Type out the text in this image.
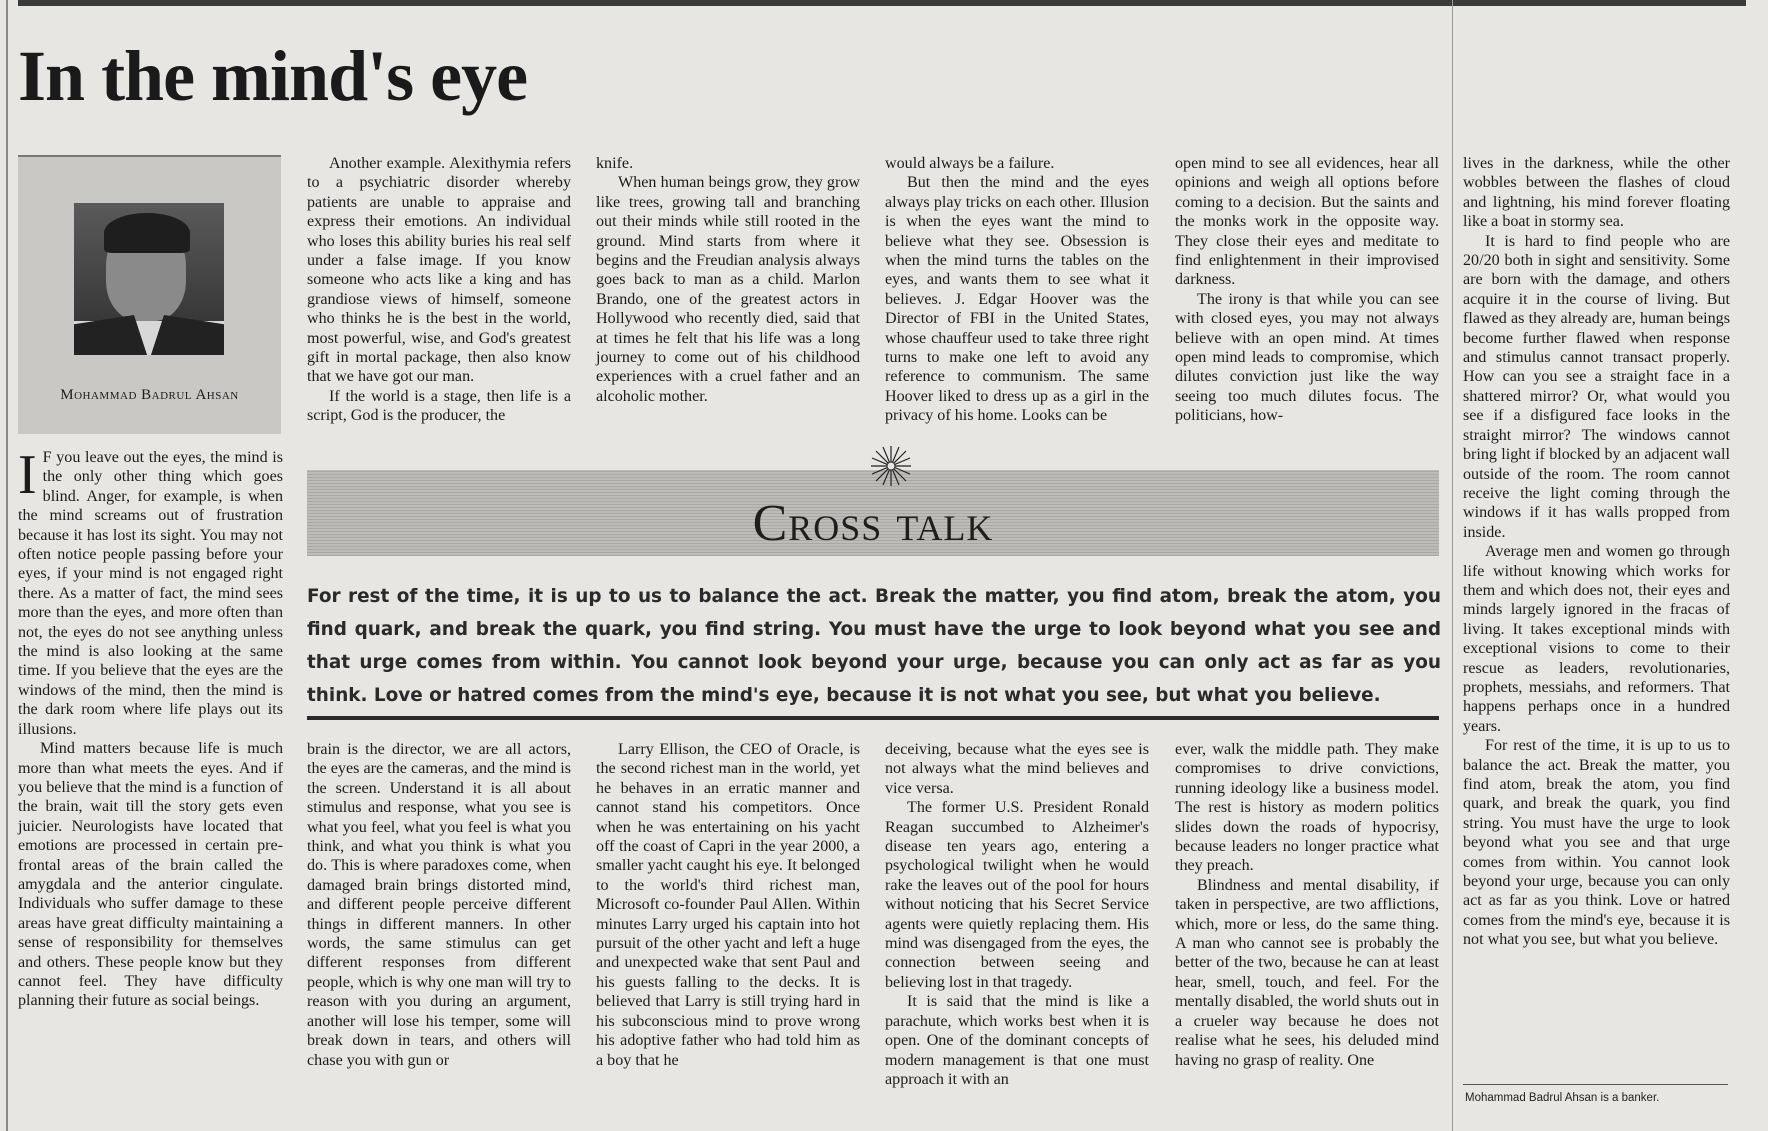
In the mind's eye
Mohammad Badrul Ahsan

I F you leave out the eyes, the mind is the only other thing which goes blind. Anger, for example, is when the mind screams out of frustration because it has lost its sight. You may not often notice people passing before your eyes, if your mind is not engaged right there. As a matter of fact, the mind sees more than the eyes, and more often than not, the eyes do not see anything unless the mind is also looking at the same time. If you believe that the eyes are the windows of the mind, then the mind is the dark room where life plays out its illusions.

Mind matters because life is much more than what meets the eyes. And if you believe that the mind is a function of the brain, wait till the story gets even juicier. Neurologists have located that emotions are processed in certain pre-frontal areas of the brain called the amygdala and the anterior cingulate. Individuals who suffer damage to these areas have great difficulty maintaining a sense of responsibility for themselves and others. These people know but they cannot feel. They have difficulty planning their future as social beings.

Another example. Alexithymia refers to a psychiatric disorder whereby patients are unable to appraise and express their emotions. An individual who loses this ability buries his real self under a false image. If you know someone who acts like a king and has grandiose views of himself, someone who thinks he is the best in the world, most powerful, wise, and God's greatest gift in mortal package, then also know that we have got our man.

If the world is a stage, then life is a script, God is the producer, the

knife.

When human beings grow, they grow like trees, growing tall and branching out their minds while still rooted in the ground. Mind starts from where it begins and the Freudian analysis always goes back to man as a child. Marlon Brando, one of the greatest actors in Hollywood who recently died, said that at times he felt that his life was a long journey to come out of his childhood experiences with a cruel father and an alcoholic mother.

would always be a failure.

But then the mind and the eyes always play tricks on each other. Illusion is when the eyes want the mind to believe what they see. Obsession is when the mind turns the tables on the eyes, and wants them to see what it believes. J. Edgar Hoover was the Director of FBI in the United States, whose chauffeur used to take three right turns to make one left to avoid any reference to communism. The same Hoover liked to dress up as a girl in the privacy of his home. Looks can be

open mind to see all evidences, hear all opinions and weigh all options before coming to a decision. But the saints and the monks work in the opposite way. They close their eyes and meditate to find enlightenment in their improvised darkness.

The irony is that while you can see with closed eyes, you may not always believe with an open mind. At times open mind leads to compromise, which dilutes conviction just like the way seeing too much dilutes focus. The politicians, how-

Cross talk

For rest of the time, it is up to us to balance the act. Break the matter, you find atom, break the atom, you find quark, and break the quark, you find string. You must have the urge to look beyond what you see and that urge comes from within. You cannot look beyond your urge, because you can only act as far as you think. Love or hatred comes from the mind's eye, because it is not what you see, but what you believe.

brain is the director, we are all actors, the eyes are the cameras, and the mind is the screen. Understand it is all about stimulus and response, what you see is what you feel, what you feel is what you think, and what you think is what you do. This is where paradoxes come, when damaged brain brings distorted mind, and different people perceive different things in different manners. In other words, the same stimulus can get different responses from different people, which is why one man will try to reason with you during an argument, another will lose his temper, some will break down in tears, and others will chase you with gun or

Larry Ellison, the CEO of Oracle, is the second richest man in the world, yet he behaves in an erratic manner and cannot stand his competitors. Once when he was entertaining on his yacht off the coast of Capri in the year 2000, a smaller yacht caught his eye. It belonged to the world's third richest man, Microsoft co-founder Paul Allen. Within minutes Larry urged his captain into hot pursuit of the other yacht and left a huge and unexpected wake that sent Paul and his guests falling to the decks. It is believed that Larry is still trying hard in his subconscious mind to prove wrong his adoptive father who had told him as a boy that he

deceiving, because what the eyes see is not always what the mind believes and vice versa.

The former U.S. President Ronald Reagan succumbed to Alzheimer's disease ten years ago, entering a psychological twilight when he would rake the leaves out of the pool for hours without noticing that his Secret Service agents were quietly replacing them. His mind was disengaged from the eyes, the connection between seeing and believing lost in that tragedy.

It is said that the mind is like a parachute, which works best when it is open. One of the dominant concepts of modern management is that one must approach it with an

ever, walk the middle path. They make compromises to drive convictions, running ideology like a business model. The rest is history as modern politics slides down the roads of hypocrisy, because leaders no longer practice what they preach.

Blindness and mental disability, if taken in perspective, are two afflictions, which, more or less, do the same thing. A man who cannot see is probably the better of the two, because he can at least hear, smell, touch, and feel. For the mentally disabled, the world shuts out in a crueler way because he does not realise what he sees, his deluded mind having no grasp of reality. One

lives in the darkness, while the other wobbles between the flashes of cloud and lightning, his mind forever floating like a boat in stormy sea.

It is hard to find people who are 20/20 both in sight and sensitivity. Some are born with the damage, and others acquire it in the course of living. But flawed as they already are, human beings become further flawed when response and stimulus cannot transact properly. How can you see a straight face in a shattered mirror? Or, what would you see if a disfigured face looks in the straight mirror? The windows cannot bring light if blocked by an adjacent wall outside of the room. The room cannot receive the light coming through the windows if it has walls propped from inside.

Average men and women go through life without knowing which works for them and which does not, their eyes and minds largely ignored in the fracas of living. It takes exceptional minds with exceptional visions to come to their rescue as leaders, revolutionaries, prophets, messiahs, and reformers. That happens perhaps once in a hundred years.

For rest of the time, it is up to us to balance the act. Break the matter, you find atom, break the atom, you find quark, and break the quark, you find string. You must have the urge to look beyond what you see and that urge comes from within. You cannot look beyond your urge, because you can only act as far as you think. Love or hatred comes from the mind's eye, because it is not what you see, but what you believe.

Mohammad Badrul Ahsan is a banker.
